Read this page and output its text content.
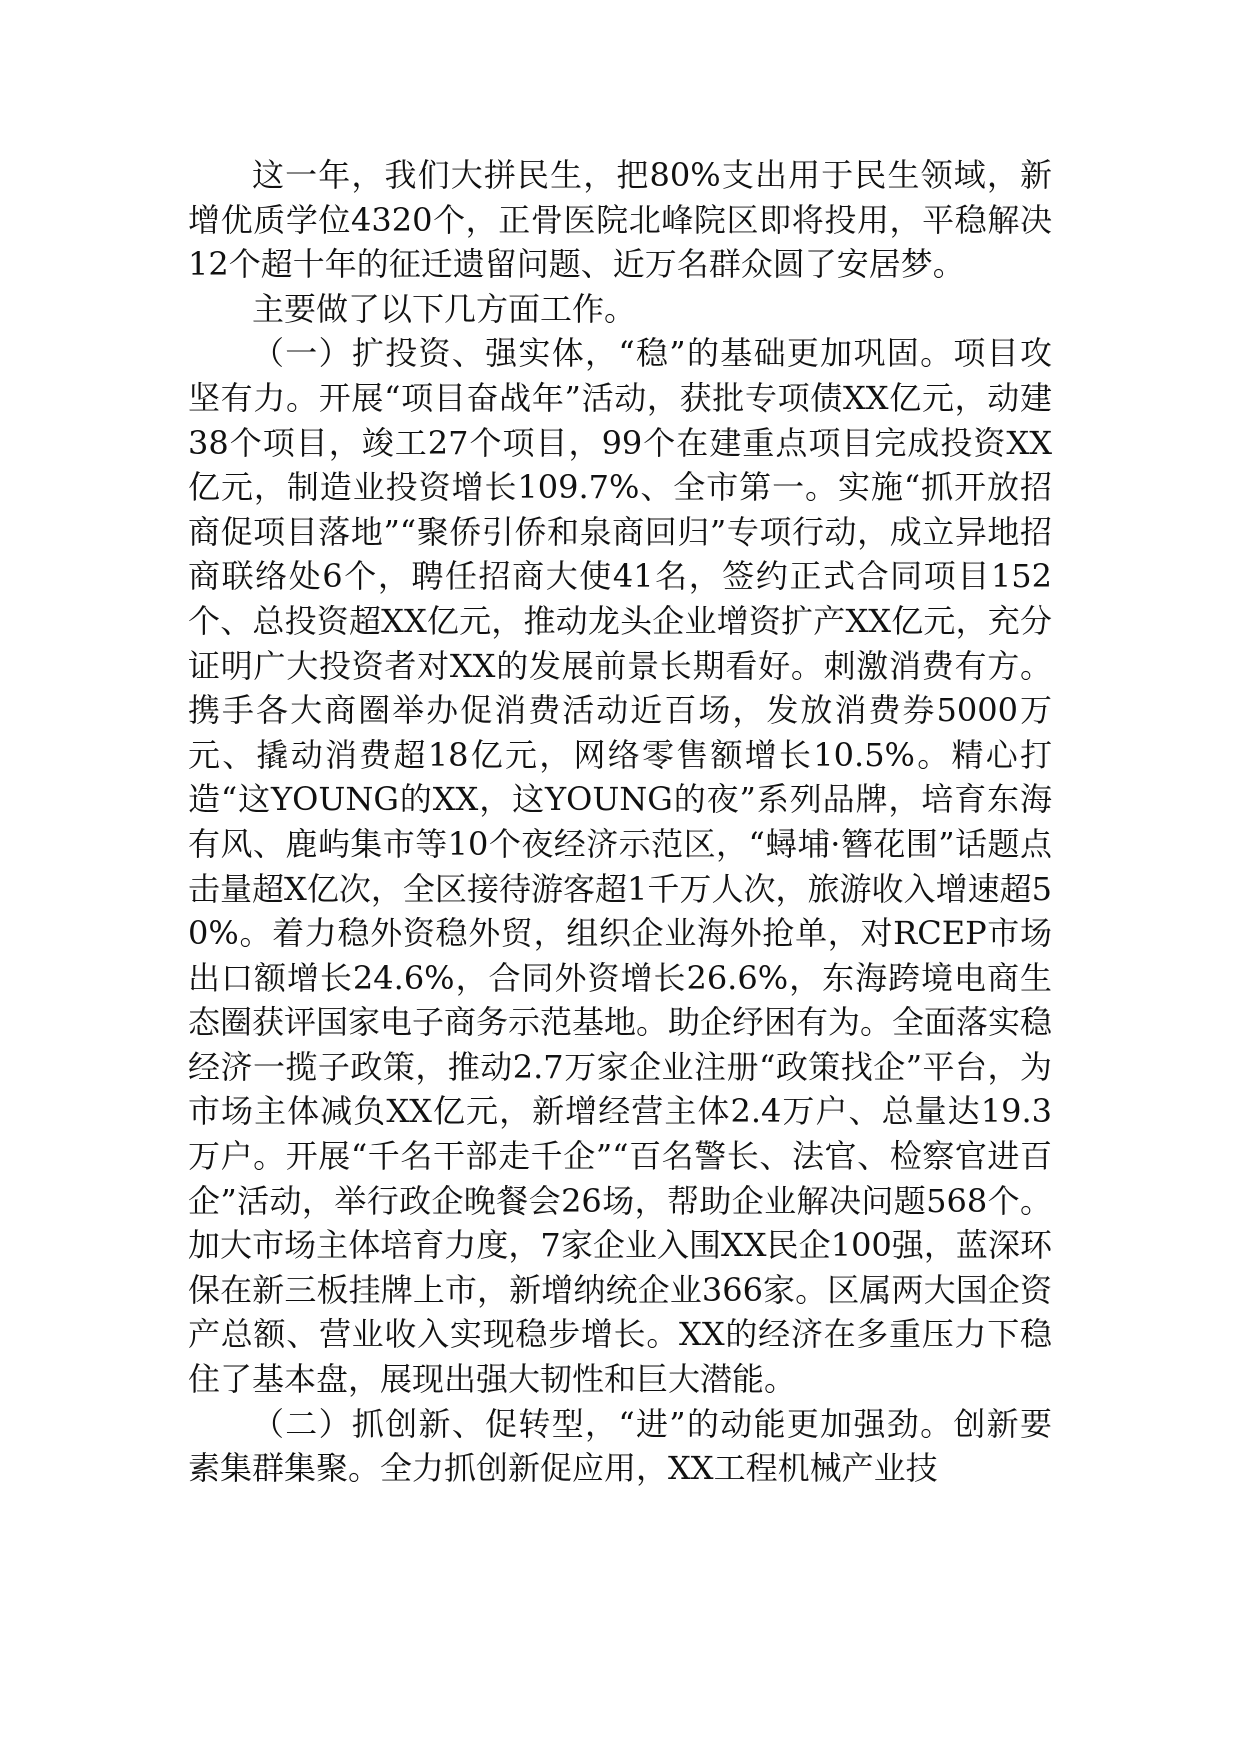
这一年，我们大拼民生，把80%支出用于民生领域，新增优质学位4320个，正骨医院北峰院区即将投用，平稳解决12个超十年的征迁遗留问题、近万名群众圆了安居梦。

主要做了以下几方面工作。

（一）扩投资、强实体，“稳”的基础更加巩固。项目攻坚有力。开展“项目奋战年”活动，获批专项债XX亿元，动建38个项目，竣工27个项目，99个在建重点项目完成投资XX亿元，制造业投资增长109.7%、全市第一。实施“抓开放招商促项目落地”“聚侨引侨和泉商回归”专项行动，成立异地招商联络处6个，聘任招商大使41名，签约正式合同项目152个、总投资超XX亿元，推动龙头企业增资扩产XX亿元，充分证明广大投资者对XX的发展前景长期看好。刺激消费有方。携手各大商圈举办促消费活动近百场，发放消费券5000万元、撬动消费超18亿元，网络零售额增长10.5%。精心打造“这YOUNG的XX，这YOUNG的夜”系列品牌，培育东海有风、鹿屿集市等10个夜经济示范区，“蟳埔·簪花围”话题点击量超X亿次，全区接待游客超1千万人次，旅游收入增速超50%。着力稳外资稳外贸，组织企业海外抢单，对RCEP市场出口额增长24.6%，合同外资增长26.6%，东海跨境电商生态圈获评国家电子商务示范基地。助企纾困有为。全面落实稳经济一揽子政策，推动2.7万家企业注册“政策找企”平台，为市场主体减负XX亿元，新增经营主体2.4万户、总量达19.3万户。开展“千名干部走千企”“百名警长、法官、检察官进百企”活动，举行政企晚餐会26场，帮助企业解决问题568个。加大市场主体培育力度，7家企业入围XX民企100强，蓝深环保在新三板挂牌上市，新增纳统企业366家。区属两大国企资产总额、营业收入实现稳步增长。XX的经济在多重压力下稳住了基本盘，展现出强大韧性和巨大潜能。

（二）抓创新、促转型，“进”的动能更加强劲。创新要素集群集聚。全力抓创新促应用，XX工程机械产业技
